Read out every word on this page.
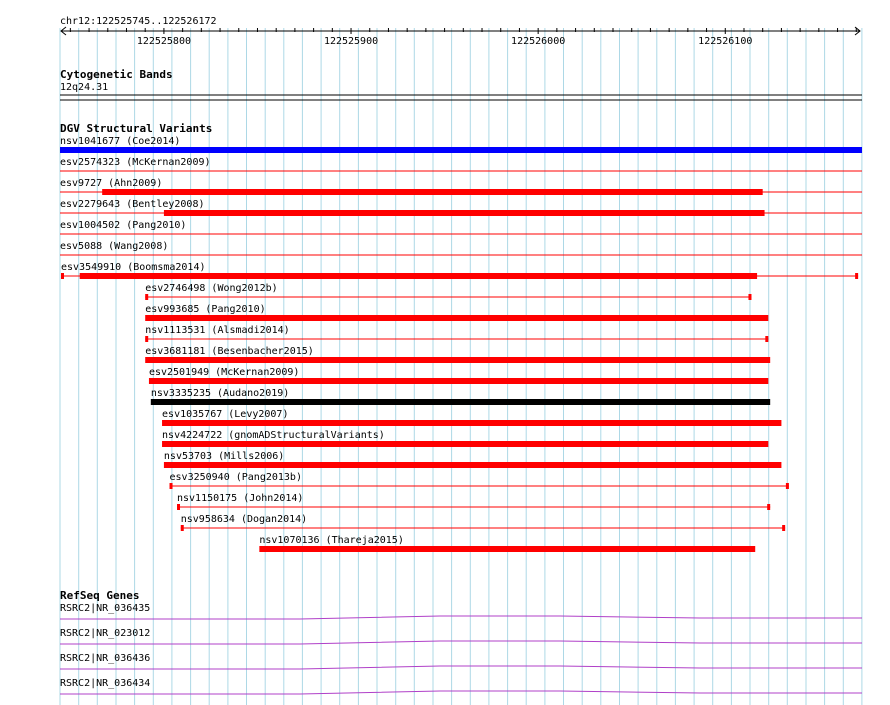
chr12:122525745..122526172
122525800	122525900	122526000	122526100
Cytogenetic Bands
12q24.31
DGV Structural Variants
nsv1041677 (Coe2014)
esv2574323 (McKernan2009)
esv9727 (Ahn2009)
esv2279643 (Bentley2008)
esv1004502 (Pang2010)
esv5088 (Wang2008)
esv3549910 (Boomsma2014)
esv2746498 (Wong2012b)
esv993685 (Pang2010)
nsv1113531 (Alsmadi2014)
esv3681181 (Besenbacher2015)
esv2501949 (McKernan2009)
nsv3335235 (Audano2019)
esv1035767 (Levy2007)
nsv4224722 (gnomADStructuralVariants)
nsv53703 (Mills2006)
esv3250940 (Pang2013b)
nsv1150175 (John2014)
nsv958634 (Dogan2014)
nsv1070136 (Thareja2015)
RefSeq Genes
RSRC2|NR_036435
RSRC2|NR_023012
RSRC2|NR_036436
RSRC2|NR_036434
